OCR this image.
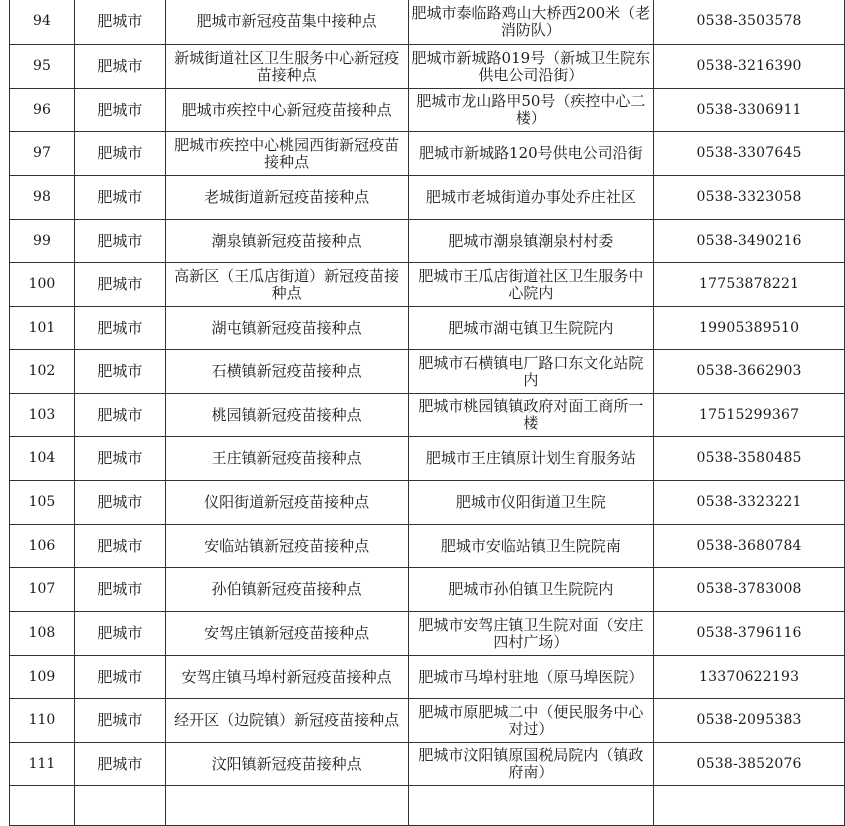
94	肥城市	肥城市新冠疫苗集中接种点	肥城市泰临路鸡山大桥西200米（老消防队）	0538-3503578
95	肥城市	新城街道社区卫生服务中心新冠疫苗接种点	肥城市新城路019号（新城卫生院东供电公司沿街）	0538-3216390
96	肥城市	肥城市疾控中心新冠疫苗接种点	肥城市龙山路甲50号（疾控中心二楼）	0538-3306911
97	肥城市	肥城市疾控中心桃园西街新冠疫苗接种点	肥城市新城路120号供电公司沿街	0538-3307645
98	肥城市	老城街道新冠疫苗接种点	肥城市老城街道办事处乔庄社区	0538-3323058
99	肥城市	潮泉镇新冠疫苗接种点	肥城市潮泉镇潮泉村村委	0538-3490216
100	肥城市	高新区（王瓜店街道）新冠疫苗接种点	肥城市王瓜店街道社区卫生服务中心院内	17753878221
101	肥城市	湖屯镇新冠疫苗接种点	肥城市湖屯镇卫生院院内	19905389510
102	肥城市	石横镇新冠疫苗接种点	肥城市石横镇电厂路口东文化站院内	0538-3662903
103	肥城市	桃园镇新冠疫苗接种点	肥城市桃园镇镇政府对面工商所一楼	17515299367
104	肥城市	王庄镇新冠疫苗接种点	肥城市王庄镇原计划生育服务站	0538-3580485
105	肥城市	仪阳街道新冠疫苗接种点	肥城市仪阳街道卫生院	0538-3323221
106	肥城市	安临站镇新冠疫苗接种点	肥城市安临站镇卫生院院南	0538-3680784
107	肥城市	孙伯镇新冠疫苗接种点	肥城市孙伯镇卫生院院内	0538-3783008
108	肥城市	安驾庄镇新冠疫苗接种点	肥城市安驾庄镇卫生院对面（安庄四村广场）	0538-3796116
109	肥城市	安驾庄镇马埠村新冠疫苗接种点	肥城市马埠村驻地（原马埠医院）	13370622193
110	肥城市	经开区（边院镇）新冠疫苗接种点	肥城市原肥城二中（便民服务中心对过）	0538-2095383
111	肥城市	汶阳镇新冠疫苗接种点	肥城市汶阳镇原国税局院内（镇政府南）	0538-3852076
